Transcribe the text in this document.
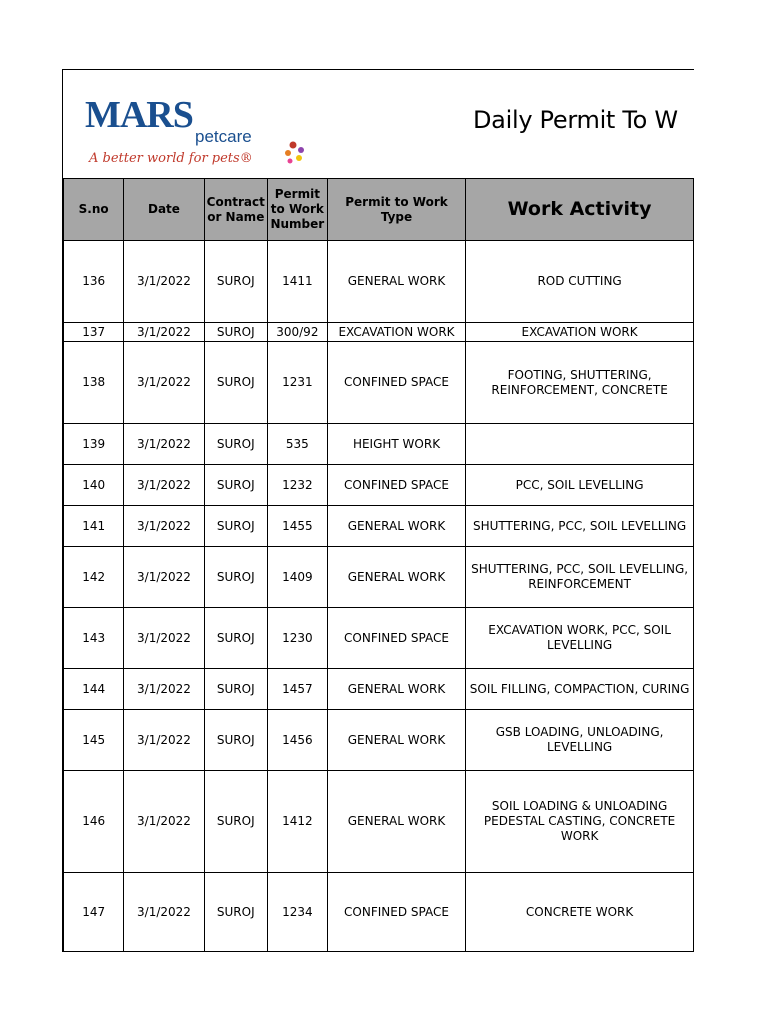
MARS
petcare
A better world for pets®
Daily Permit To W
S.no	Date	Contract or Name	Permit to Work Number	Permit to Work Type	Work Activity
136	3/1/2022	SUROJ	1411	GENERAL WORK	ROD CUTTING
137	3/1/2022	SUROJ	300/92	EXCAVATION WORK	EXCAVATION WORK
138	3/1/2022	SUROJ	1231	CONFINED SPACE	FOOTING, SHUTTERING, REINFORCEMENT, CONCRETE
139	3/1/2022	SUROJ	535	HEIGHT WORK	
140	3/1/2022	SUROJ	1232	CONFINED SPACE	PCC, SOIL LEVELLING
141	3/1/2022	SUROJ	1455	GENERAL WORK	SHUTTERING, PCC, SOIL LEVELLING
142	3/1/2022	SUROJ	1409	GENERAL WORK	SHUTTERING, PCC, SOIL LEVELLING, REINFORCEMENT
143	3/1/2022	SUROJ	1230	CONFINED SPACE	EXCAVATION WORK, PCC, SOIL LEVELLING
144	3/1/2022	SUROJ	1457	GENERAL WORK	SOIL FILLING, COMPACTION, CURING
145	3/1/2022	SUROJ	1456	GENERAL WORK	GSB LOADING, UNLOADING, LEVELLING
146	3/1/2022	SUROJ	1412	GENERAL WORK	SOIL LOADING & UNLOADING PEDESTAL CASTING, CONCRETE WORK
147	3/1/2022	SUROJ	1234	CONFINED SPACE	CONCRETE WORK
